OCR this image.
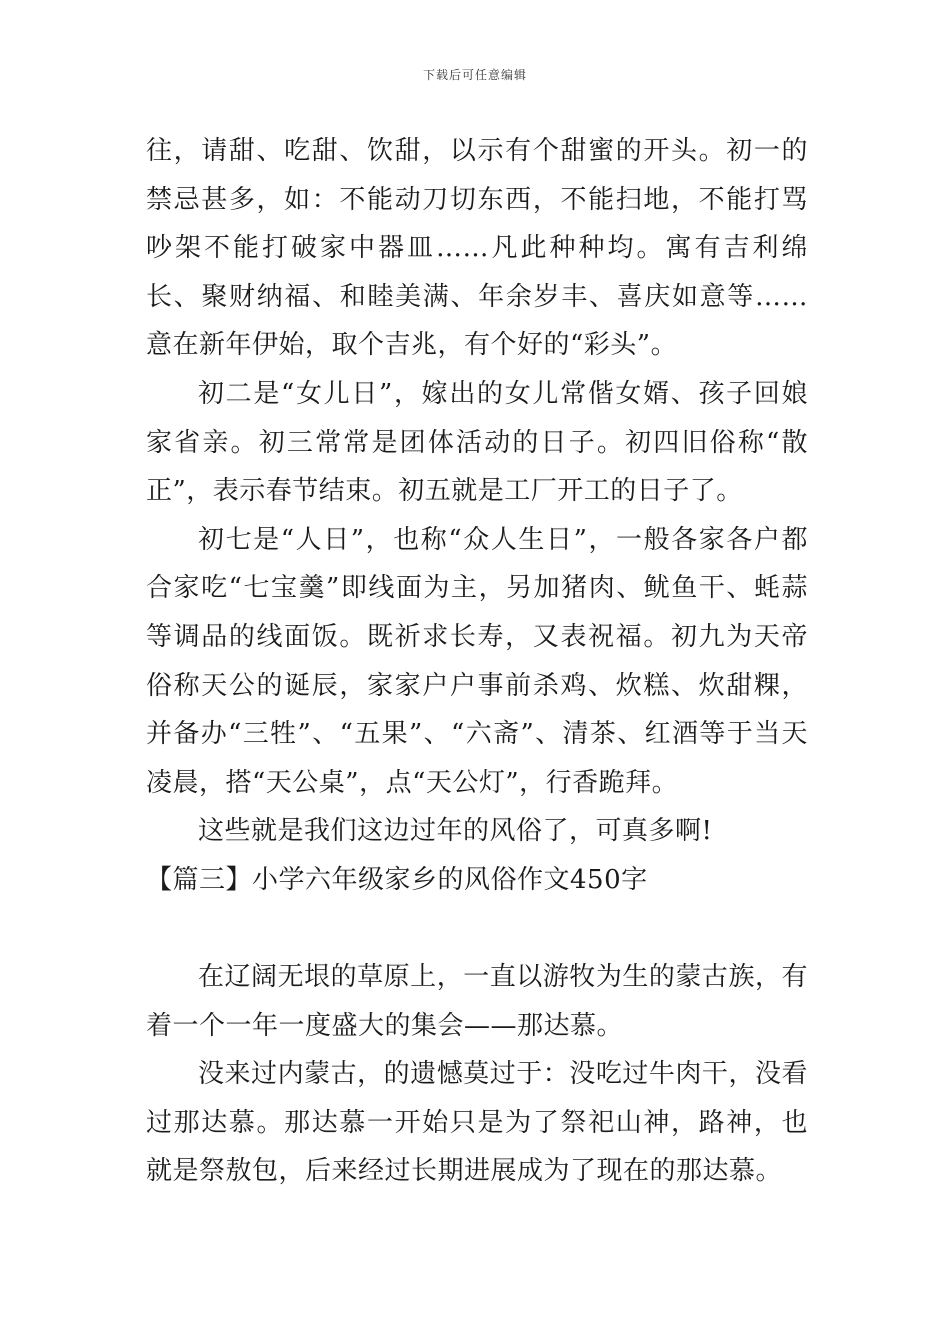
下载后可任意编辑

往，请甜、吃甜、饮甜，以示有个甜蜜的开头。初一的禁忌甚多，如：不能动刀切东西，不能扫地，不能打骂吵架不能打破家中器皿……凡此种种均。寓有吉利绵长、聚财纳福、和睦美满、年余岁丰、喜庆如意等……意在新年伊始，取个吉兆，有个好的“彩头”。

初二是“女儿日”，嫁出的女儿常偕女婿、孩子回娘家省亲。初三常常是团体活动的日子。初四旧俗称“散正”，表示春节结束。初五就是工厂开工的日子了。

初七是“人日”，也称“众人生日”，一般各家各户都合家吃“七宝羹”即线面为主，另加猪肉、鱿鱼干、蚝蒜等调品的线面饭。既祈求长寿，又表祝福。初九为天帝俗称天公的诞辰，家家户户事前杀鸡、炊糕、炊甜粿，并备办“三牲”、“五果”、“六斋”、清茶、红酒等于当天凌晨，搭“天公桌”，点“天公灯”，行香跪拜。

这些就是我们这边过年的风俗了，可真多啊!

【篇三】小学六年级家乡的风俗作文450字

在辽阔无垠的草原上，一直以游牧为生的蒙古族，有着一个一年一度盛大的集会——那达慕。

没来过内蒙古，的遗憾莫过于：没吃过牛肉干，没看过那达慕。那达慕一开始只是为了祭祀山神，路神，也就是祭敖包，后来经过长期进展成为了现在的那达慕。
